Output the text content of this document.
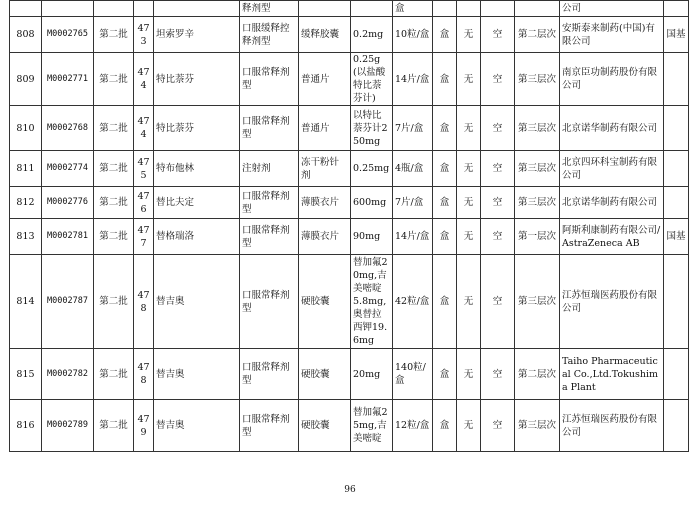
					释剂型			盒					公司	
808	M0002765	第二批	473	坦索罗辛	口服缓释控释剂型	缓释胶囊	0.2mg	10粒/盒	盒	无	空	第二层次	安斯泰来制药(中国)有限公司	国基
809	M0002771	第二批	474	特比萘芬	口服常释剂型	普通片	0.25g(以盐酸特比萘芬计)	14片/盒	盒	无	空	第三层次	南京臣功制药股份有限公司	
810	M0002768	第二批	474	特比萘芬	口服常释剂型	普通片	以特比萘芬计250mg	7片/盒	盒	无	空	第三层次	北京诺华制药有限公司	
811	M0002774	第二批	475	特布他林	注射剂	冻干粉针剂	0.25mg	4瓶/盒	盒	无	空	第三层次	北京四环科宝制药有限公司	
812	M0002776	第二批	476	替比夫定	口服常释剂型	薄膜衣片	600mg	7片/盒	盒	无	空	第三层次	北京诺华制药有限公司	
813	M0002781	第二批	477	替格瑞洛	口服常释剂型	薄膜衣片	90mg	14片/盒	盒	无	空	第一层次	阿斯利康制药有限公司/AstraZeneca AB	国基
814	M0002787	第二批	478	替吉奥	口服常释剂型	硬胶囊	替加氟20mg,吉美嘧啶5.8mg,奥替拉西钾19.6mg	42粒/盒	盒	无	空	第三层次	江苏恒瑞医药股份有限公司	
815	M0002782	第二批	478	替吉奥	口服常释剂型	硬胶囊	20mg	140粒/盒	盒	无	空	第二层次	Taiho Pharmaceutical Co.,Ltd.Tokushima Plant	
816	M0002789	第二批	479	替吉奥	口服常释剂型	硬胶囊	替加氟25mg,吉美嘧啶	12粒/盒	盒	无	空	第三层次	江苏恒瑞医药股份有限公司	
96
